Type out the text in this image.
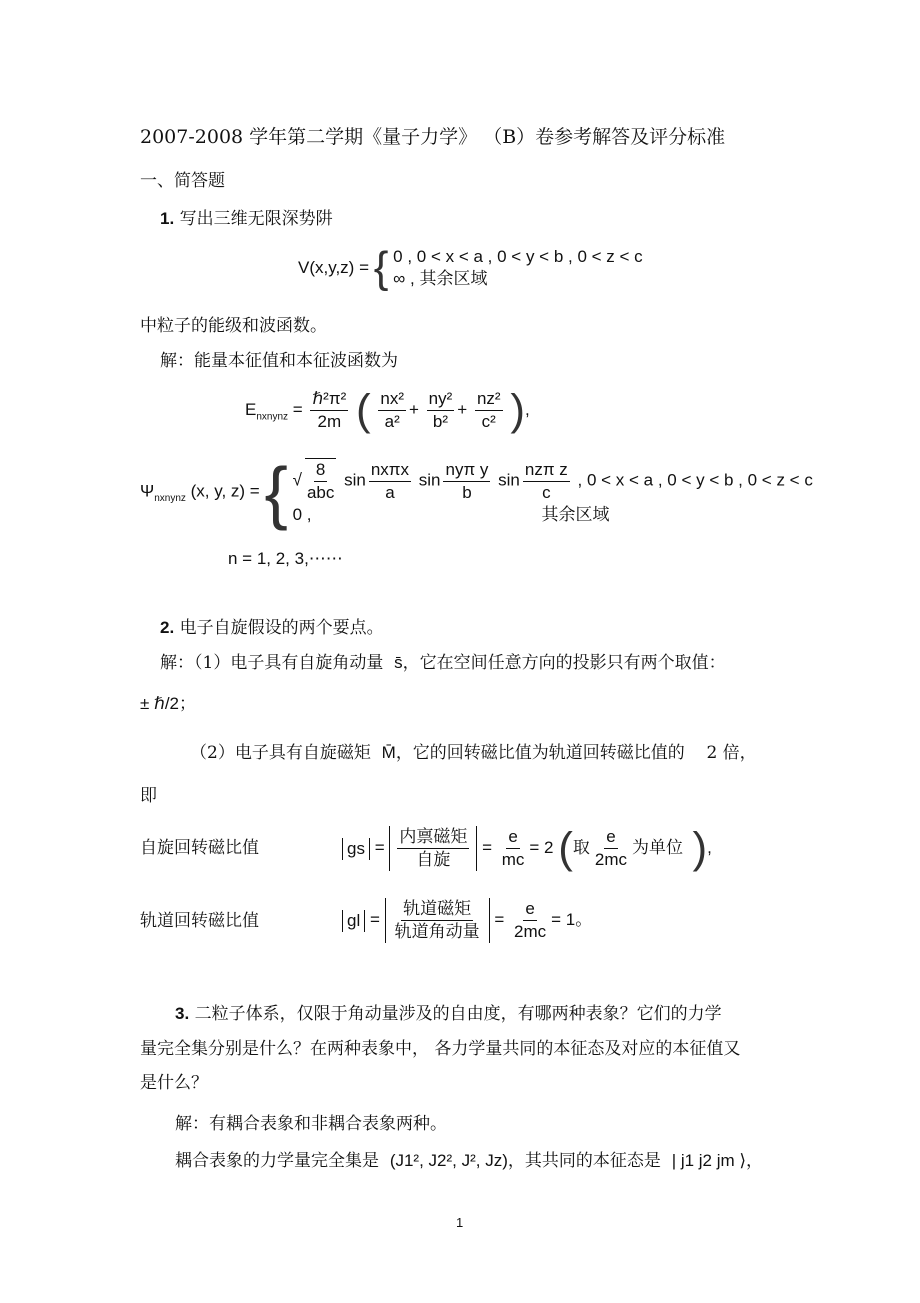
2007-2008 学年第二学期《量子力学》 （B）卷参考解答及评分标准
一、简答题
1. 写出三维无限深势阱
V(x,y,z) = { 0 , 0 < x < a , 0 < y < b , 0 < z < c
∞ , 其余区域
中粒子的能级和波函数。
解：能量本征值和本征波函数为
$E_{nxnynz} = \frac{\text{ℏ²π²}}{2m}$ ( $\frac{\text{nx²}}{\text{a²}} + \frac{\text{ny²}}{\text{b²}} + \frac{\text{nz²}}{\text{c²}}$ ),
$\Psi_{nxnynz}$ (x, y, z) = { √ $\frac{8}{\text{abc}}$ $\sin \frac{\text{nxπx}}{a}$ $\sin \frac{\text{nyπ y}}{b}$ $\sin \frac{\text{nzπ z}}{c}$ , 0 < x < a , 0 < y < b , 0 < z < c
0 ,	其余区域
n = 1, 2, 3,⋯⋯
2. 电子自旋假设的两个要点。
解：（1）电子具有自旋角动量 s̄，它在空间任意方向的投影只有两个取值：
± ℏ/2；
（2）电子具有自旋磁矩 M̄，它的回转磁比值为轨道回转磁比值的 2 倍，
即
自旋回转磁比值	gs = $\frac{\text{内禀磁矩}}{\text{自旋}} = \frac{e}{mc} = 2$ (取 $\frac{e}{2mc}$ 为单位 ),
轨道回转磁比值	gl = $\frac{\text{轨道磁矩}}{\text{轨道角动量}} = \frac{e}{2mc} = 1$。
3. 二粒子体系，仅限于角动量涉及的自由度，有哪两种表象？它们的力学
量完全集分别是什么？在两种表象中， 各力学量共同的本征态及对应的本征值又
是什么？
解：有耦合表象和非耦合表象两种。
耦合表象的力学量完全集是 (J1², J2², J², Jz)，其共同的本征态是 | j1 j2 jm ⟩，
1
